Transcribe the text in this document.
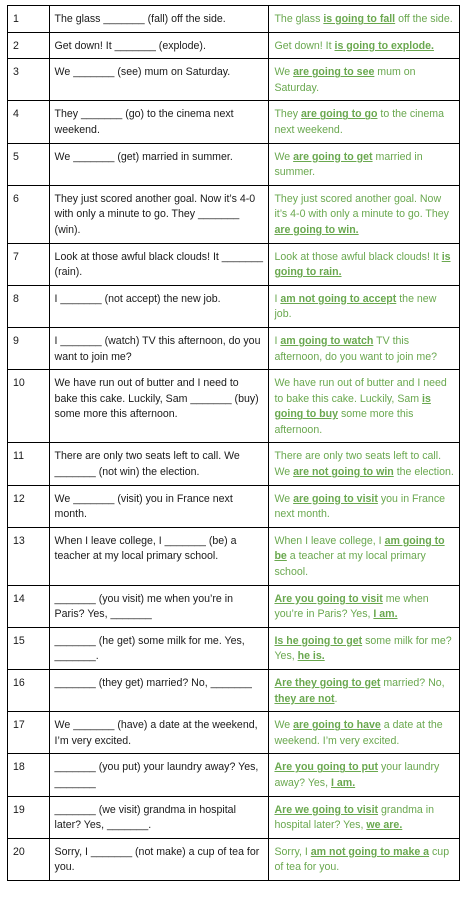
1	The glass _______ (fall) off the side.	The glass is going to fall off the side.
2	Get down! It _______ (explode).	Get down! It is going to explode.
3	We _______ (see) mum on Saturday.	We are going to see mum on Saturday.
4	They _______ (go) to the cinema next weekend.	They are going to go to the cinema next weekend.
5	We _______ (get) married in summer.	We are going to get married in summer.
6	They just scored another goal. Now it’s 4-0 with only a minute to go. They _______ (win).	They just scored another goal. Now it’s 4-0 with only a minute to go. They are going to win.
7	Look at those awful black clouds! It _______ (rain).	Look at those awful black clouds! It is going to rain.
8	I _______ (not accept) the new job.	I am not going to accept the new job.
9	I _______ (watch) TV this afternoon, do you want to join me?	I am going to watch TV this afternoon, do you want to join me?
10	We have run out of butter and I need to bake this cake. Luckily, Sam _______ (buy) some more this afternoon.	We have run out of butter and I need to bake this cake. Luckily, Sam is going to buy some more this afternoon.
11	There are only two seats left to call. We _______ (not win) the election.	There are only two seats left to call. We are not going to win the election.
12	We _______ (visit) you in France next month.	We are going to visit you in France next month.
13	When I leave college, I _______ (be) a teacher at my local primary school.	When I leave college, I am going to be a teacher at my local primary school.
14	_______ (you visit) me when you’re in Paris? Yes, _______	Are you going to visit me when you’re in Paris? Yes, I am.
15	_______ (he get) some milk for me. Yes, _______.	Is he going to get some milk for me? Yes, he is.
16	_______ (they get) married? No, _______	Are they going to get married? No, they are not.
17	We _______ (have) a date at the weekend, I’m very excited.	We are going to have a date at the weekend. I’m very excited.
18	_______ (you put) your laundry away? Yes, _______	Are you going to put your laundry away? Yes, I am.
19	_______ (we visit) grandma in hospital later? Yes, _______.	Are we going to visit grandma in hospital later? Yes, we are.
20	Sorry, I _______ (not make) a cup of tea for you.	Sorry, I am not going to make a cup of tea for you.
